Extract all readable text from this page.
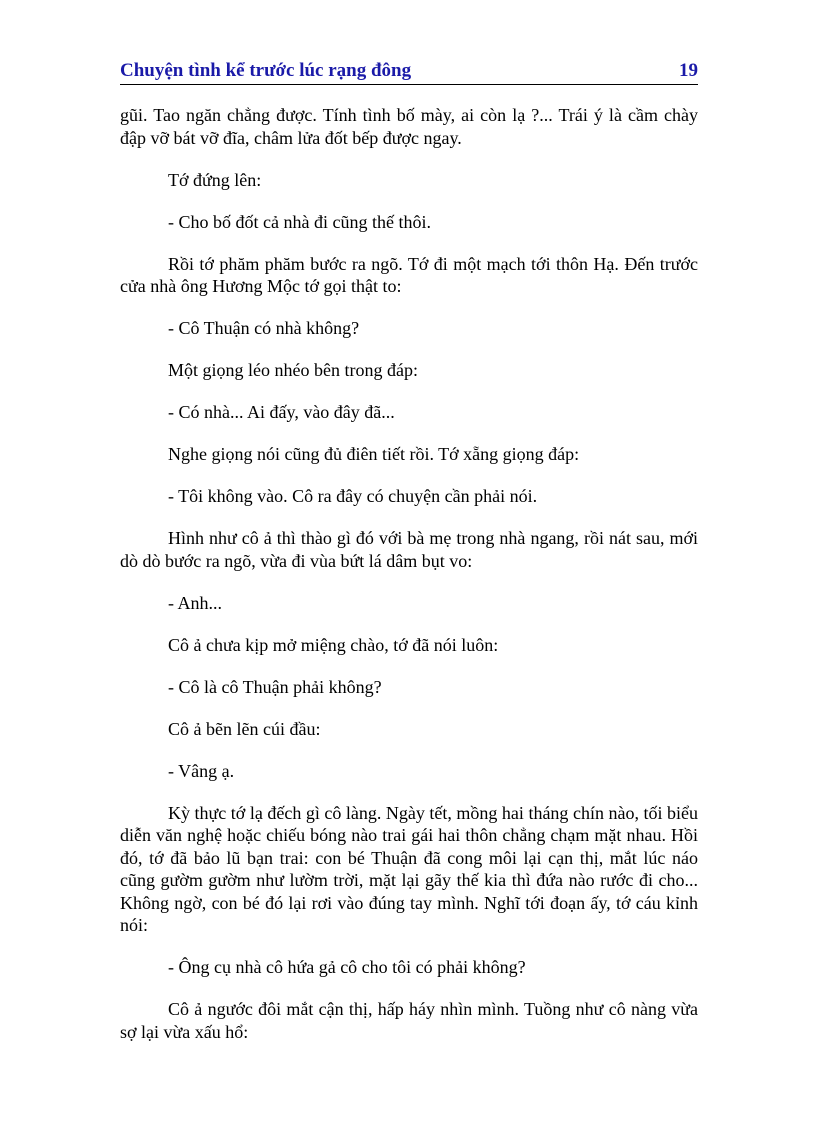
Chuyện tình kể trước lúc rạng đông	19

gũi. Tao ngăn chẳng được. Tính tình bố mày, ai còn lạ ?... Trái ý là cầm chày đập vỡ bát vỡ đĩa, châm lửa đốt bếp được ngay.

Tớ đứng lên:

- Cho bố đốt cả nhà đi cũng thế thôi.

Rồi tớ phăm phăm bước ra ngõ. Tớ đi một mạch tới thôn Hạ. Đến trước cửa nhà ông Hương Mộc tớ gọi thật to:

- Cô Thuận có nhà không?

Một giọng léo nhéo bên trong đáp:

- Có nhà... Ai đấy, vào đây đã...

Nghe giọng nói cũng đủ điên tiết rồi. Tớ xẵng giọng đáp:

- Tôi không vào. Cô ra đây có chuyện cần phải nói.

Hình như cô ả thì thào gì đó với bà mẹ trong nhà ngang, rồi nát sau, mới dò dò bước ra ngõ, vừa đi vùa bứt lá dâm bụt vo:

- Anh...

Cô ả chưa kịp mở miệng chào, tớ đã nói luôn:

- Cô là cô Thuận phải không?

Cô ả bẽn lẽn cúi đầu:

- Vâng ạ.

Kỳ thực tớ lạ đếch gì cô làng. Ngày tết, mồng hai tháng chín nào, tối biểu diễn văn nghệ hoặc chiếu bóng nào trai gái hai thôn chẳng chạm mặt nhau. Hồi đó, tớ đã bảo lũ bạn trai: con bé Thuận đã cong môi lại cạn thị, mắt lúc náo cũng gườm gườm như lườm trời, mặt lại gãy thế kia thì đứa nào rước đi cho... Không ngờ, con bé đó lại rơi vào đúng tay mình. Nghĩ tới đoạn ấy, tớ cáu kỉnh nói:

- Ông cụ nhà cô hứa gả cô cho tôi có phải không?

Cô ả ngước đôi mắt cận thị, hấp háy nhìn mình. Tuồng như cô nàng vừa sợ lại vừa xấu hổ:
